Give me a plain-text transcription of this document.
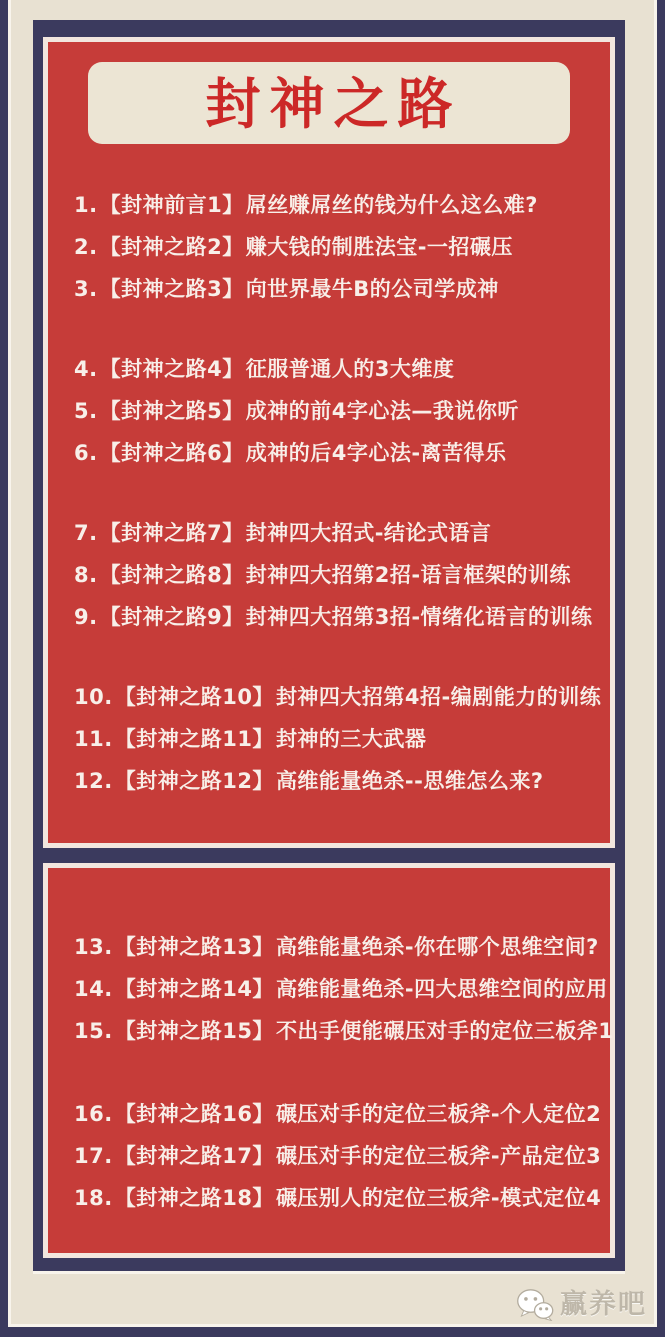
封神之路
1.【封神前言1】屌丝赚屌丝的钱为什么这么难?
2.【封神之路2】赚大钱的制胜法宝-一招碾压
3.【封神之路3】向世界最牛B的公司学成神
4.【封神之路4】征服普通人的3大维度
5.【封神之路5】成神的前4字心法—我说你听
6.【封神之路6】成神的后4字心法-离苦得乐
7.【封神之路7】封神四大招式-结论式语言
8.【封神之路8】封神四大招第2招-语言框架的训练
9.【封神之路9】封神四大招第3招-情绪化语言的训练
10.【封神之路10】封神四大招第4招-编剧能力的训练
11.【封神之路11】封神的三大武器
12.【封神之路12】高维能量绝杀--思维怎么来?
13.【封神之路13】高维能量绝杀-你在哪个思维空间?
14.【封神之路14】高维能量绝杀-四大思维空间的应用
15.【封神之路15】不出手便能碾压对手的定位三板斧1
16.【封神之路16】碾压对手的定位三板斧-个人定位2
17.【封神之路17】碾压对手的定位三板斧-产品定位3
18.【封神之路18】碾压别人的定位三板斧-模式定位4
赢养吧
